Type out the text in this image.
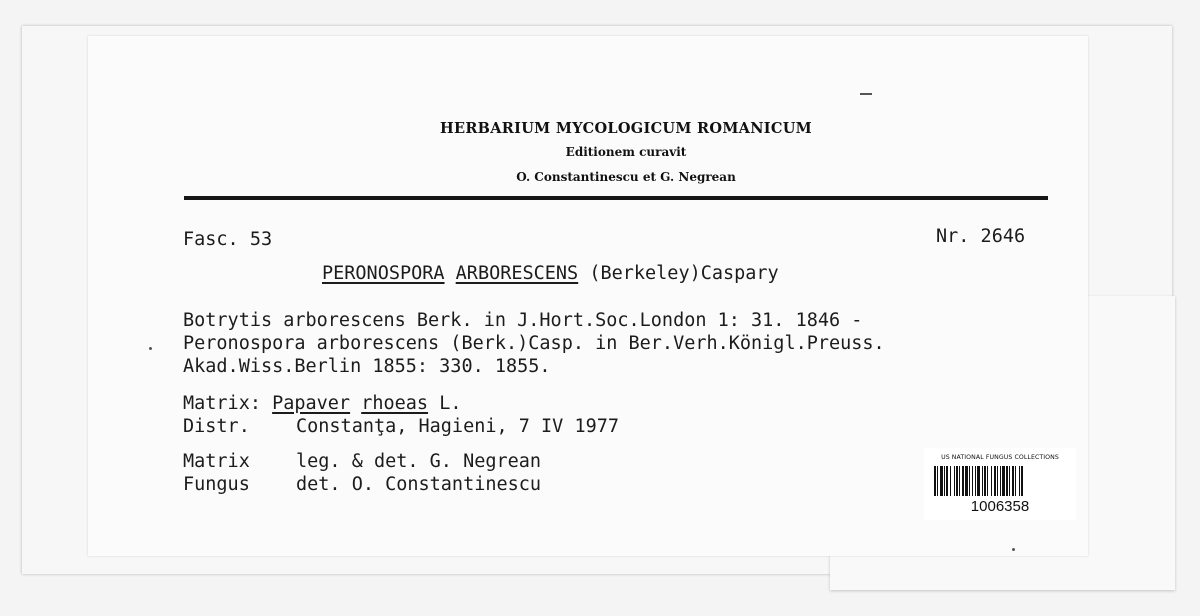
HERBARIUM MYCOLOGICUM ROMANICUM
Editionem curavit
O. Constantinescu et G. Negrean
Fasc. 53	Nr. 2646
PERONOSPORA ARBORESCENS (Berkeley)Caspary
Botrytis arborescens Berk. in J.Hort.Soc.London 1: 31. 1846 -
Peronospora arborescens (Berk.)Casp. in Ber.Verh.Königl.Preuss.
Akad.Wiss.Berlin 1855: 330. 1855.
Matrix: Papaver rhoeas L.
Distr. Constanţa, Hagieni, 7 IV 1977
Matrix leg. & det. G. Negrean
Fungus det. O. Constantinescu
US NATIONAL FUNGUS COLLECTIONS
1006358
